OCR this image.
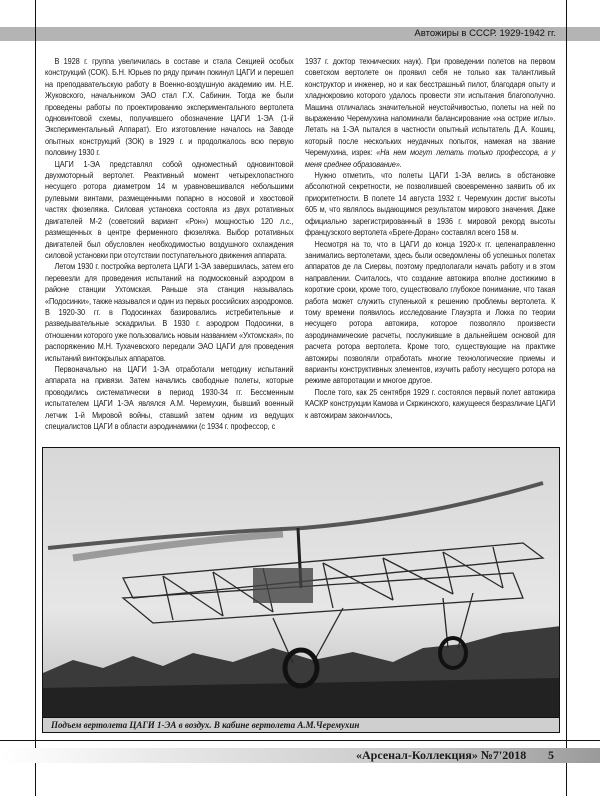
Автожиры в СССР. 1929-1942 гг.

В 1928 г. группа увеличилась в составе и стала Секцией особых конструкций (СОК). Б.Н. Юрьев по ряду причин покинул ЦАГИ и перешел на преподавательскую работу в Военно-воздушную академию им. Н.Е. Жуковского, начальником ЭАО стал Г.Х. Сабинин. Тогда же были проведены работы по проектированию экспериментального вертолета одновинтовой схемы, получившего обозначение ЦАГИ 1-ЭА (1-й Экспериментальный Аппарат). Его изготовление началось на Заводе опытных конструкций (ЗОК) в 1929 г. и продолжалось всю первую половину 1930 г.

ЦАГИ 1-ЭА представлял собой одноместный одновинтовой двухмоторный вертолет. Реактивный момент четырехлопастного несущего ротора диаметром 14 м уравновешивался небольшими рулевыми винтами, размещенными попарно в носовой и хвостовой частях фюзеляжа. Силовая установка состояла из двух ротативных двигателей М-2 (советский вариант «Рон») мощностью 120 л.с., размещенных в центре ферменного фюзеляжа. Выбор ротативных двигателей был обусловлен необходимостью воздушного охлаждения силовой установки при отсутствии поступательного движения аппарата.

Летом 1930 г. постройка вертолета ЦАГИ 1-ЭА завершилась, затем его перевезли для проведения испытаний на подмосковный аэродром в районе станции Ухтомская. Раньше эта станция называлась «Подосинки», также назывался и один из первых российских аэродромов. В 1920-30 гг. в Подосинках базировались истребительные и разведывательные эскадрильи. В 1930 г. аэродром Подосинки, в отношении которого уже пользовались новым названием «Ухтомская», по распоряжению М.Н. Тухачевского передали ЭАО ЦАГИ для проведения испытаний винтокрылых аппаратов.

Первоначально на ЦАГИ 1-ЭА отработали методику испытаний аппарата на привязи. Затем начались свободные полеты, которые проводились систематически в период 1930-34 гг. Бессменным испытателем ЦАГИ 1-ЭА являлся А.М. Черемухин, бывший военный летчик 1-й Мировой войны, ставший затем одним из ведущих специалистов ЦАГИ в области аэродинамики (с 1934 г. профессор, с

1937 г. доктор технических наук). При проведении полетов на первом советском вертолете он проявил себя не только как талантливый конструктор и инженер, но и как бесстрашный пилот, благодаря опыту и хладнокровию которого удалось провести эти испытания благополучно. Машина отличалась значительной неустойчивостью, полеты на ней по выражению Черемухина напоминали балансирование «на острие иглы». Летать на 1-ЭА пытался в частности опытный испытатель Д.А. Кошиц, который после нескольких неудачных попыток, намекая на звание Черемухина, изрек: «На нем могут летать только профессора, а у меня среднее образование».

Нужно отметить, что полеты ЦАГИ 1-ЭА велись в обстановке абсолютной секретности, не позволившей своевременно заявить об их приоритетности. В полете 14 августа 1932 г. Черемухин достиг высоты 605 м, что являлось выдающимся результатом мирового значения. Даже официально зарегистрированный в 1936 г. мировой рекорд высоты французского вертолета «Бреге-Доран» составлял всего 158 м.

Несмотря на то, что в ЦАГИ до конца 1920-х гг. целенаправленно занимались вертолетами, здесь были осведомлены об успешных полетах аппаратов де ла Сиервы, поэтому предполагали начать работу и в этом направлении. Считалось, что создание автожира вполне достижимо в короткие сроки, кроме того, существовало глубокое понимание, что такая работа может служить ступенькой к решению проблемы вертолета. К тому времени появилось исследование Глауэрта и Локка по теории несущего ротора автожира, которое позволяло произвести аэродинамические расчеты, послужившие в дальнейшем основой для расчета ротора вертолета. Кроме того, существующие на практике автожиры позволяли отработать многие технологические приемы и варианты конструктивных элементов, изучить работу несущего ротора на режиме авторотации и многое другое.

После того, как 25 сентября 1929 г. состоялся первый полет автожира КАСКР конструкции Камова и Скржинского, кажущееся безразличие ЦАГИ к автожирам закончилось,

Подъем вертолета ЦАГИ 1-ЭА в воздух. В кабине вертолета А.М.Черемухин
«Арсенал-Коллекция» №7'2018 5
